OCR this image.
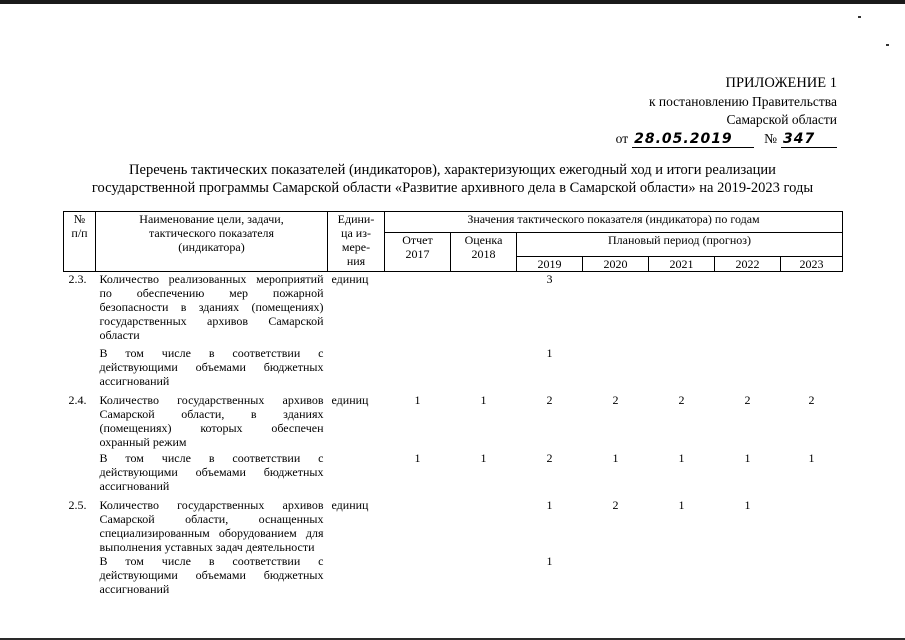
ПРИЛОЖЕНИЕ 1
к постановлению Правительства
Самарской области
от 28.05.2019	№ 347
Перечень тактических показателей (индикаторов), характеризующих ежегодный ход и итоги реализации
государственной программы Самарской области «Развитие архивного дела в Самарской области» на 2019-2023 годы
№ п/п	Наименование цели, задачи, тактического показателя (индикатора)	Едини-ца из-мере-ния	Значения тактического показателя (индикатора) по годам						
			Отчет 2017	Оценка 2018	Плановый период (прогноз)				
					2019	2020	2021	2022	2023
2.3.	Количество реализованных мероприятий по обеспечению мер пожарной безопасности в зданиях (помещениях) государственных архивов Самарской области	единиц			3				
	В том числе в соответствии с действующими объемами бюджетных ассигнований				1				
2.4.	Количество государственных архивов Самарской области, в зданиях (помещениях) которых обеспечен охранный режим	единиц	1	1	2	2	2	2	2
	В том числе в соответствии с действующими объемами бюджетных ассигнований		1	1	2	1	1	1	1
2.5.	Количество государственных архивов Самарской области, оснащенных специализированным оборудованием для выполнения уставных задач деятельности	единиц			1	2	1	1	
	В том числе в соответствии с действующими объемами бюджетных ассигнований				1				
